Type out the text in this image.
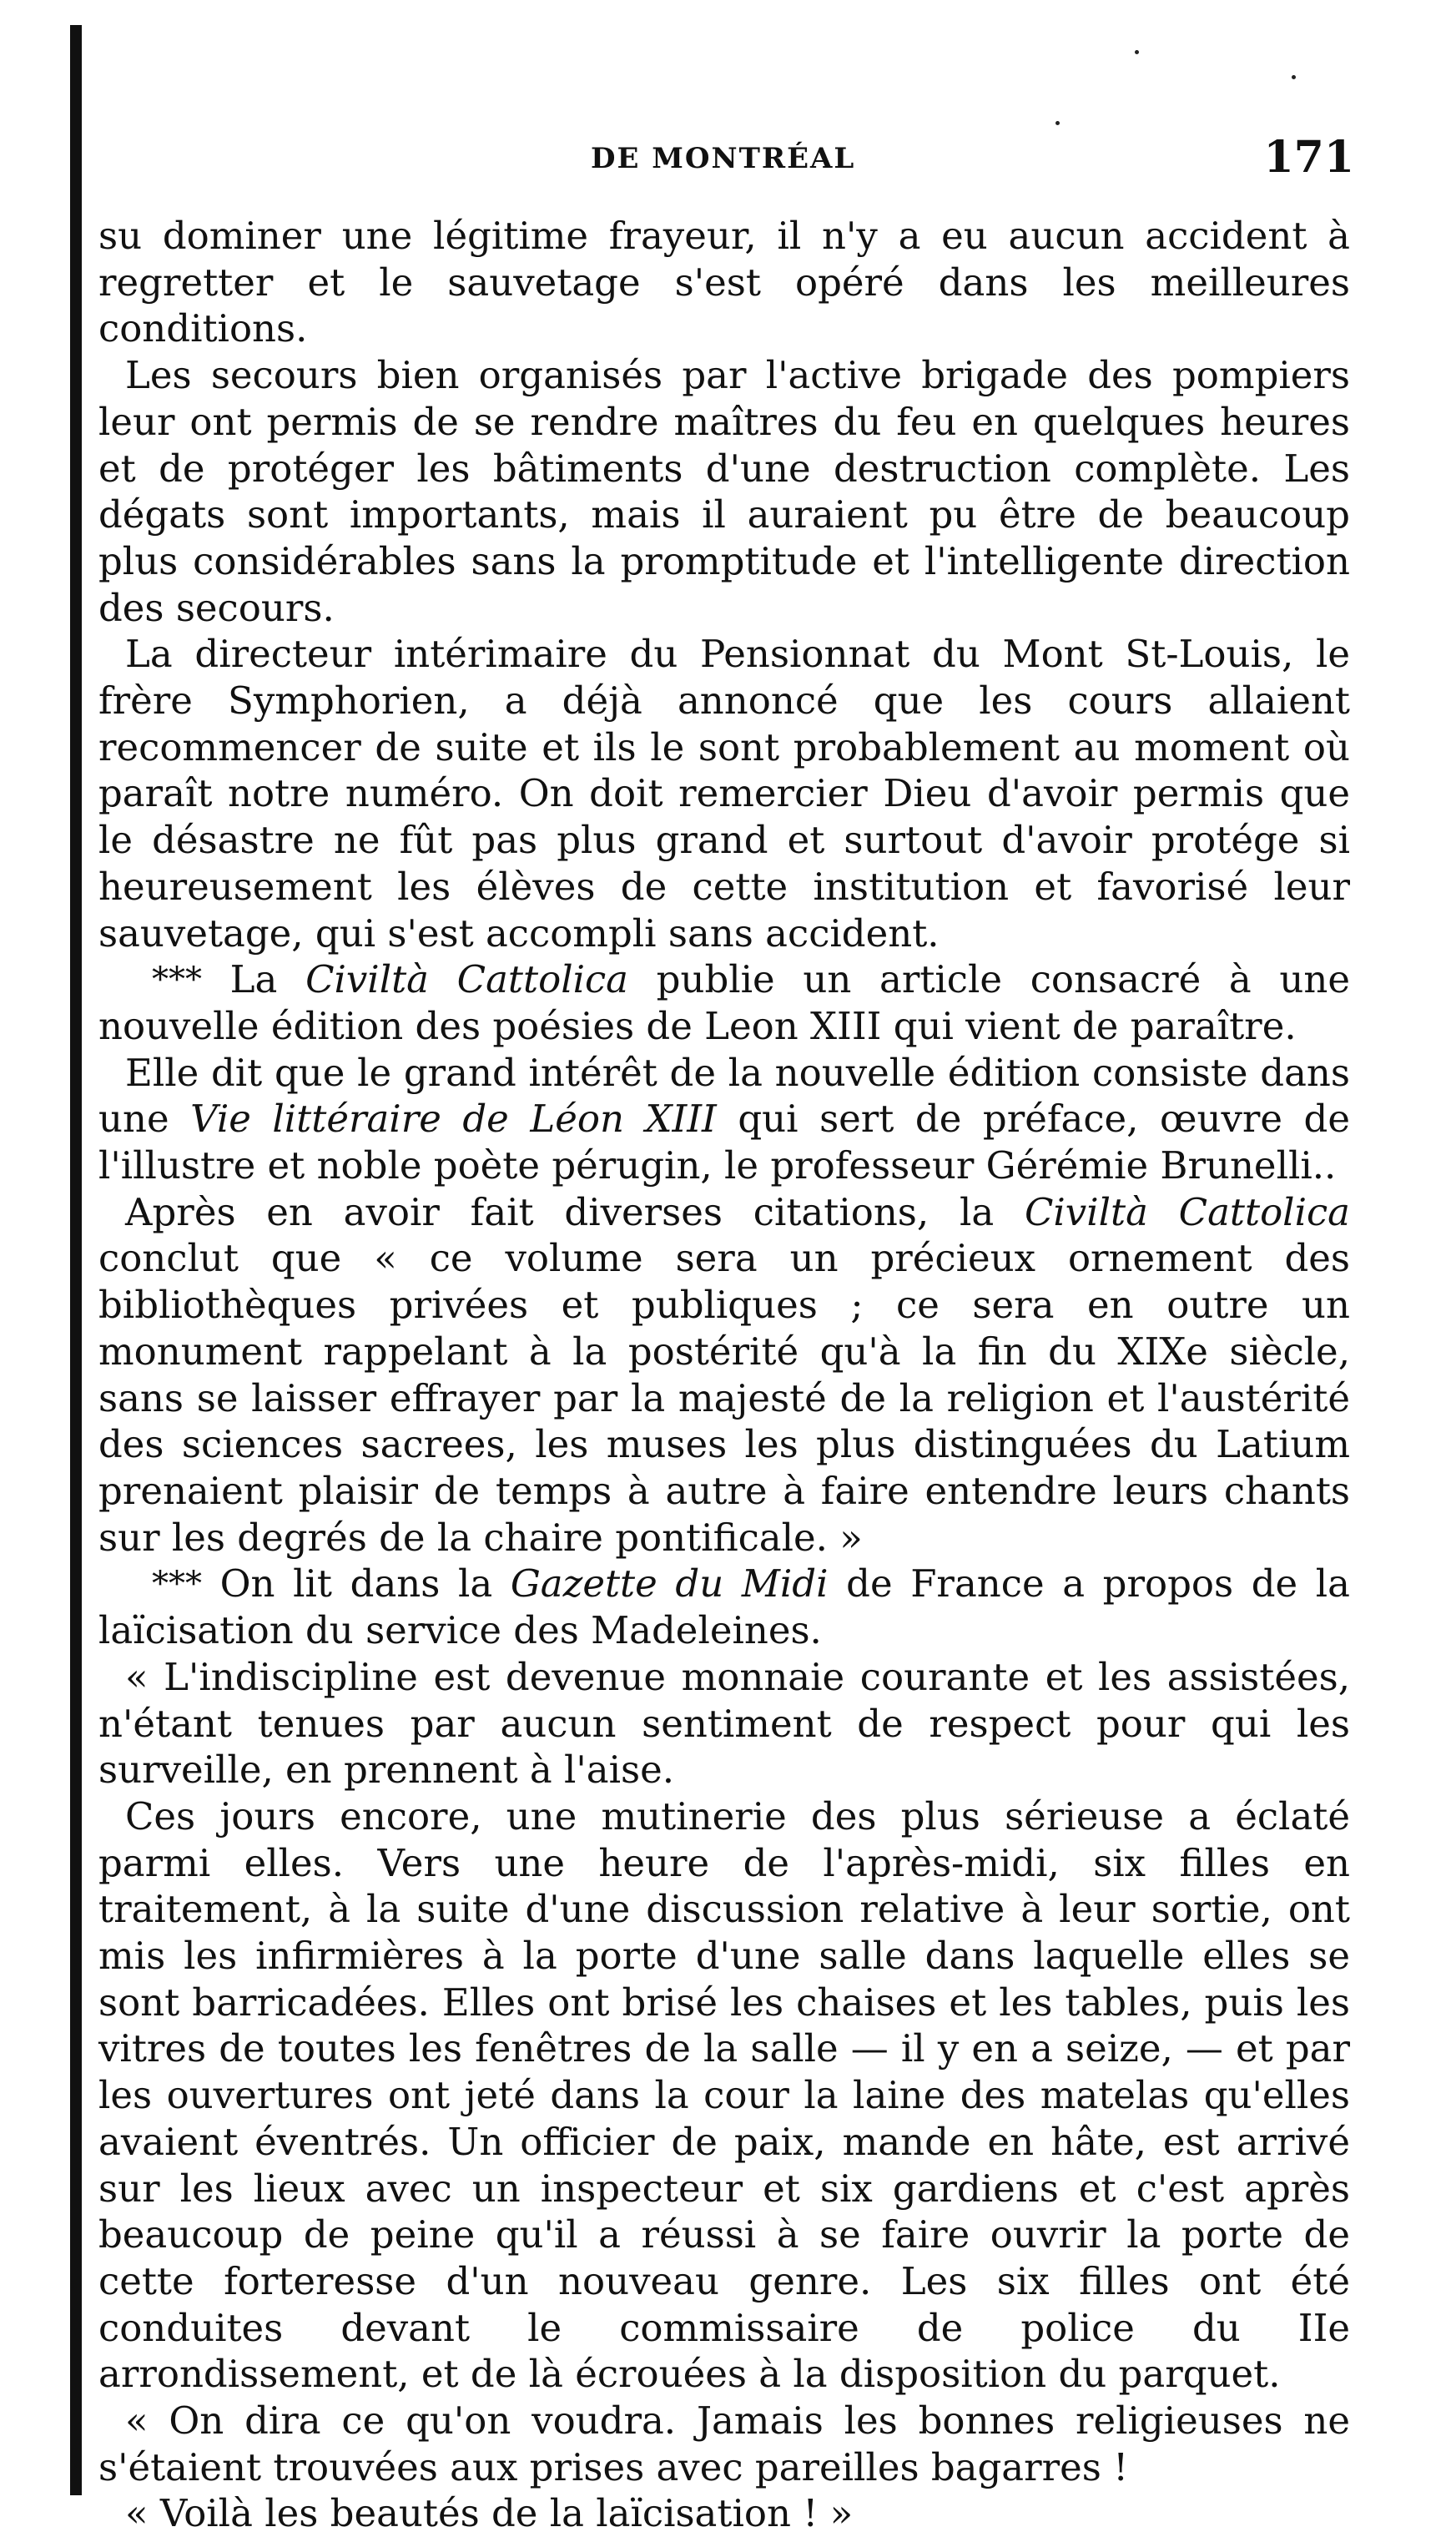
DE MONTRÉAL	171

su dominer une légitime frayeur, il n'y a eu aucun accident à regretter et le sauvetage s'est opéré dans les meilleures conditions.

Les secours bien organisés par l'active brigade des pompiers leur ont permis de se rendre maîtres du feu en quelques heures et de protéger les bâtiments d'une destruction complète. Les dégats sont importants, mais il auraient pu être de beaucoup plus considérables sans la promptitude et l'intelligente direction des secours.

La directeur intérimaire du Pensionnat du Mont St-Louis, le frère Symphorien, a déjà annoncé que les cours allaient recommencer de suite et ils le sont probablement au moment où paraît notre numéro. On doit remercier Dieu d'avoir permis que le désastre ne fût pas plus grand et surtout d'avoir protége si heureusement les élèves de cette institution et favorisé leur sauvetage, qui s'est accompli sans accident.

*** La Civiltà Cattolica publie un article consacré à une nouvelle édition des poésies de Leon XIII qui vient de paraître.

Elle dit que le grand intérêt de la nouvelle édition consiste dans une Vie littéraire de Léon XIII qui sert de préface, œuvre de l'illustre et noble poète pérugin, le professeur Gérémie Brunelli..

Après en avoir fait diverses citations, la Civiltà Cattolica conclut que « ce volume sera un précieux ornement des bibliothèques privées et publiques ; ce sera en outre un monument rappelant à la postérité qu'à la fin du XIXe siècle, sans se laisser effrayer par la majesté de la religion et l'austérité des sciences sacrees, les muses les plus distinguées du Latium prenaient plaisir de temps à autre à faire entendre leurs chants sur les degrés de la chaire pontificale. »

*** On lit dans la Gazette du Midi de France a propos de la laïcisation du service des Madeleines.

« L'indiscipline est devenue monnaie courante et les assistées, n'étant tenues par aucun sentiment de respect pour qui les surveille, en prennent à l'aise.

Ces jours encore, une mutinerie des plus sérieuse a éclaté parmi elles. Vers une heure de l'après-midi, six filles en traitement, à la suite d'une discussion relative à leur sortie, ont mis les infirmières à la porte d'une salle dans laquelle elles se sont barricadées. Elles ont brisé les chaises et les tables, puis les vitres de toutes les fenêtres de la salle — il y en a seize, — et par les ouvertures ont jeté dans la cour la laine des matelas qu'elles avaient éventrés. Un officier de paix, mande en hâte, est arrivé sur les lieux avec un inspecteur et six gardiens et c'est après beaucoup de peine qu'il a réussi à se faire ouvrir la porte de cette forteresse d'un nouveau genre. Les six filles ont été conduites devant le commissaire de police du IIe arrondissement, et de là écrouées à la disposition du parquet.

« On dira ce qu'on voudra. Jamais les bonnes religieuses ne s'étaient trouvées aux prises avec pareilles bagarres !

« Voilà les beautés de la laïcisation ! »
